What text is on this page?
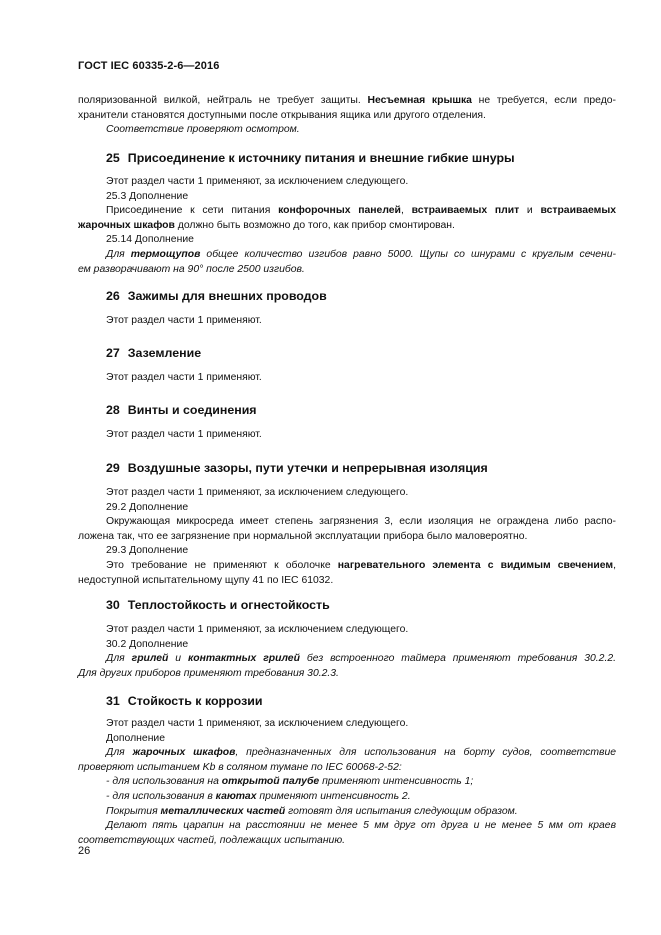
ГОСТ IEC 60335-2-6—2016
поляризованной вилкой, нейтраль не требует защиты. Несъемная крышка не требуется, если предо-
хранители становятся доступными после открывания ящика или другого отделения.
Соответствие проверяют осмотром.
25 Присоединение к источнику питания и внешние гибкие шнуры
Этот раздел части 1 применяют, за исключением следующего.
25.3 Дополнение
Присоединение к сети питания конфорочных панелей, встраиваемых плит и встраиваемых
жарочных шкафов должно быть возможно до того, как прибор смонтирован.
25.14 Дополнение
Для термощупов общее количество изгибов равно 5000. Щупы со шнурами с круглым сечени-
ем разворачивают на 90° после 2500 изгибов.
26 Зажимы для внешних проводов
Этот раздел части 1 применяют.
27 Заземление
Этот раздел части 1 применяют.
28 Винты и соединения
Этот раздел части 1 применяют.
29 Воздушные зазоры, пути утечки и непрерывная изоляция
Этот раздел части 1 применяют, за исключением следующего.
29.2 Дополнение
Окружающая микросреда имеет степень загрязнения 3, если изоляция не ограждена либо распо-
ложена так, что ее загрязнение при нормальной эксплуатации прибора было маловероятно.
29.3 Дополнение
Это требование не применяют к оболочке нагревательного элемента с видимым свечением,
недоступной испытательному щупу 41 по IEC 61032.
30 Теплостойкость и огнестойкость
Этот раздел части 1 применяют, за исключением следующего.
30.2 Дополнение
Для грилей и контактных грилей без встроенного таймера применяют требования 30.2.2.
Для других приборов применяют требования 30.2.3.
31 Стойкость к коррозии
Этот раздел части 1 применяют, за исключением следующего.
Дополнение
Для жарочных шкафов, предназначенных для использования на борту судов, соответствие
проверяют испытанием Kb в соляном тумане по IEC 60068-2-52:
- для использования на открытой палубе применяют интенсивность 1;
- для использования в каютах применяют интенсивность 2.
Покрытия металлических частей готовят для испытания следующим образом.
Делают пять царапин на расстоянии не менее 5 мм друг от друга и не менее 5 мм от краев
соответствующих частей, подлежащих испытанию.
26
